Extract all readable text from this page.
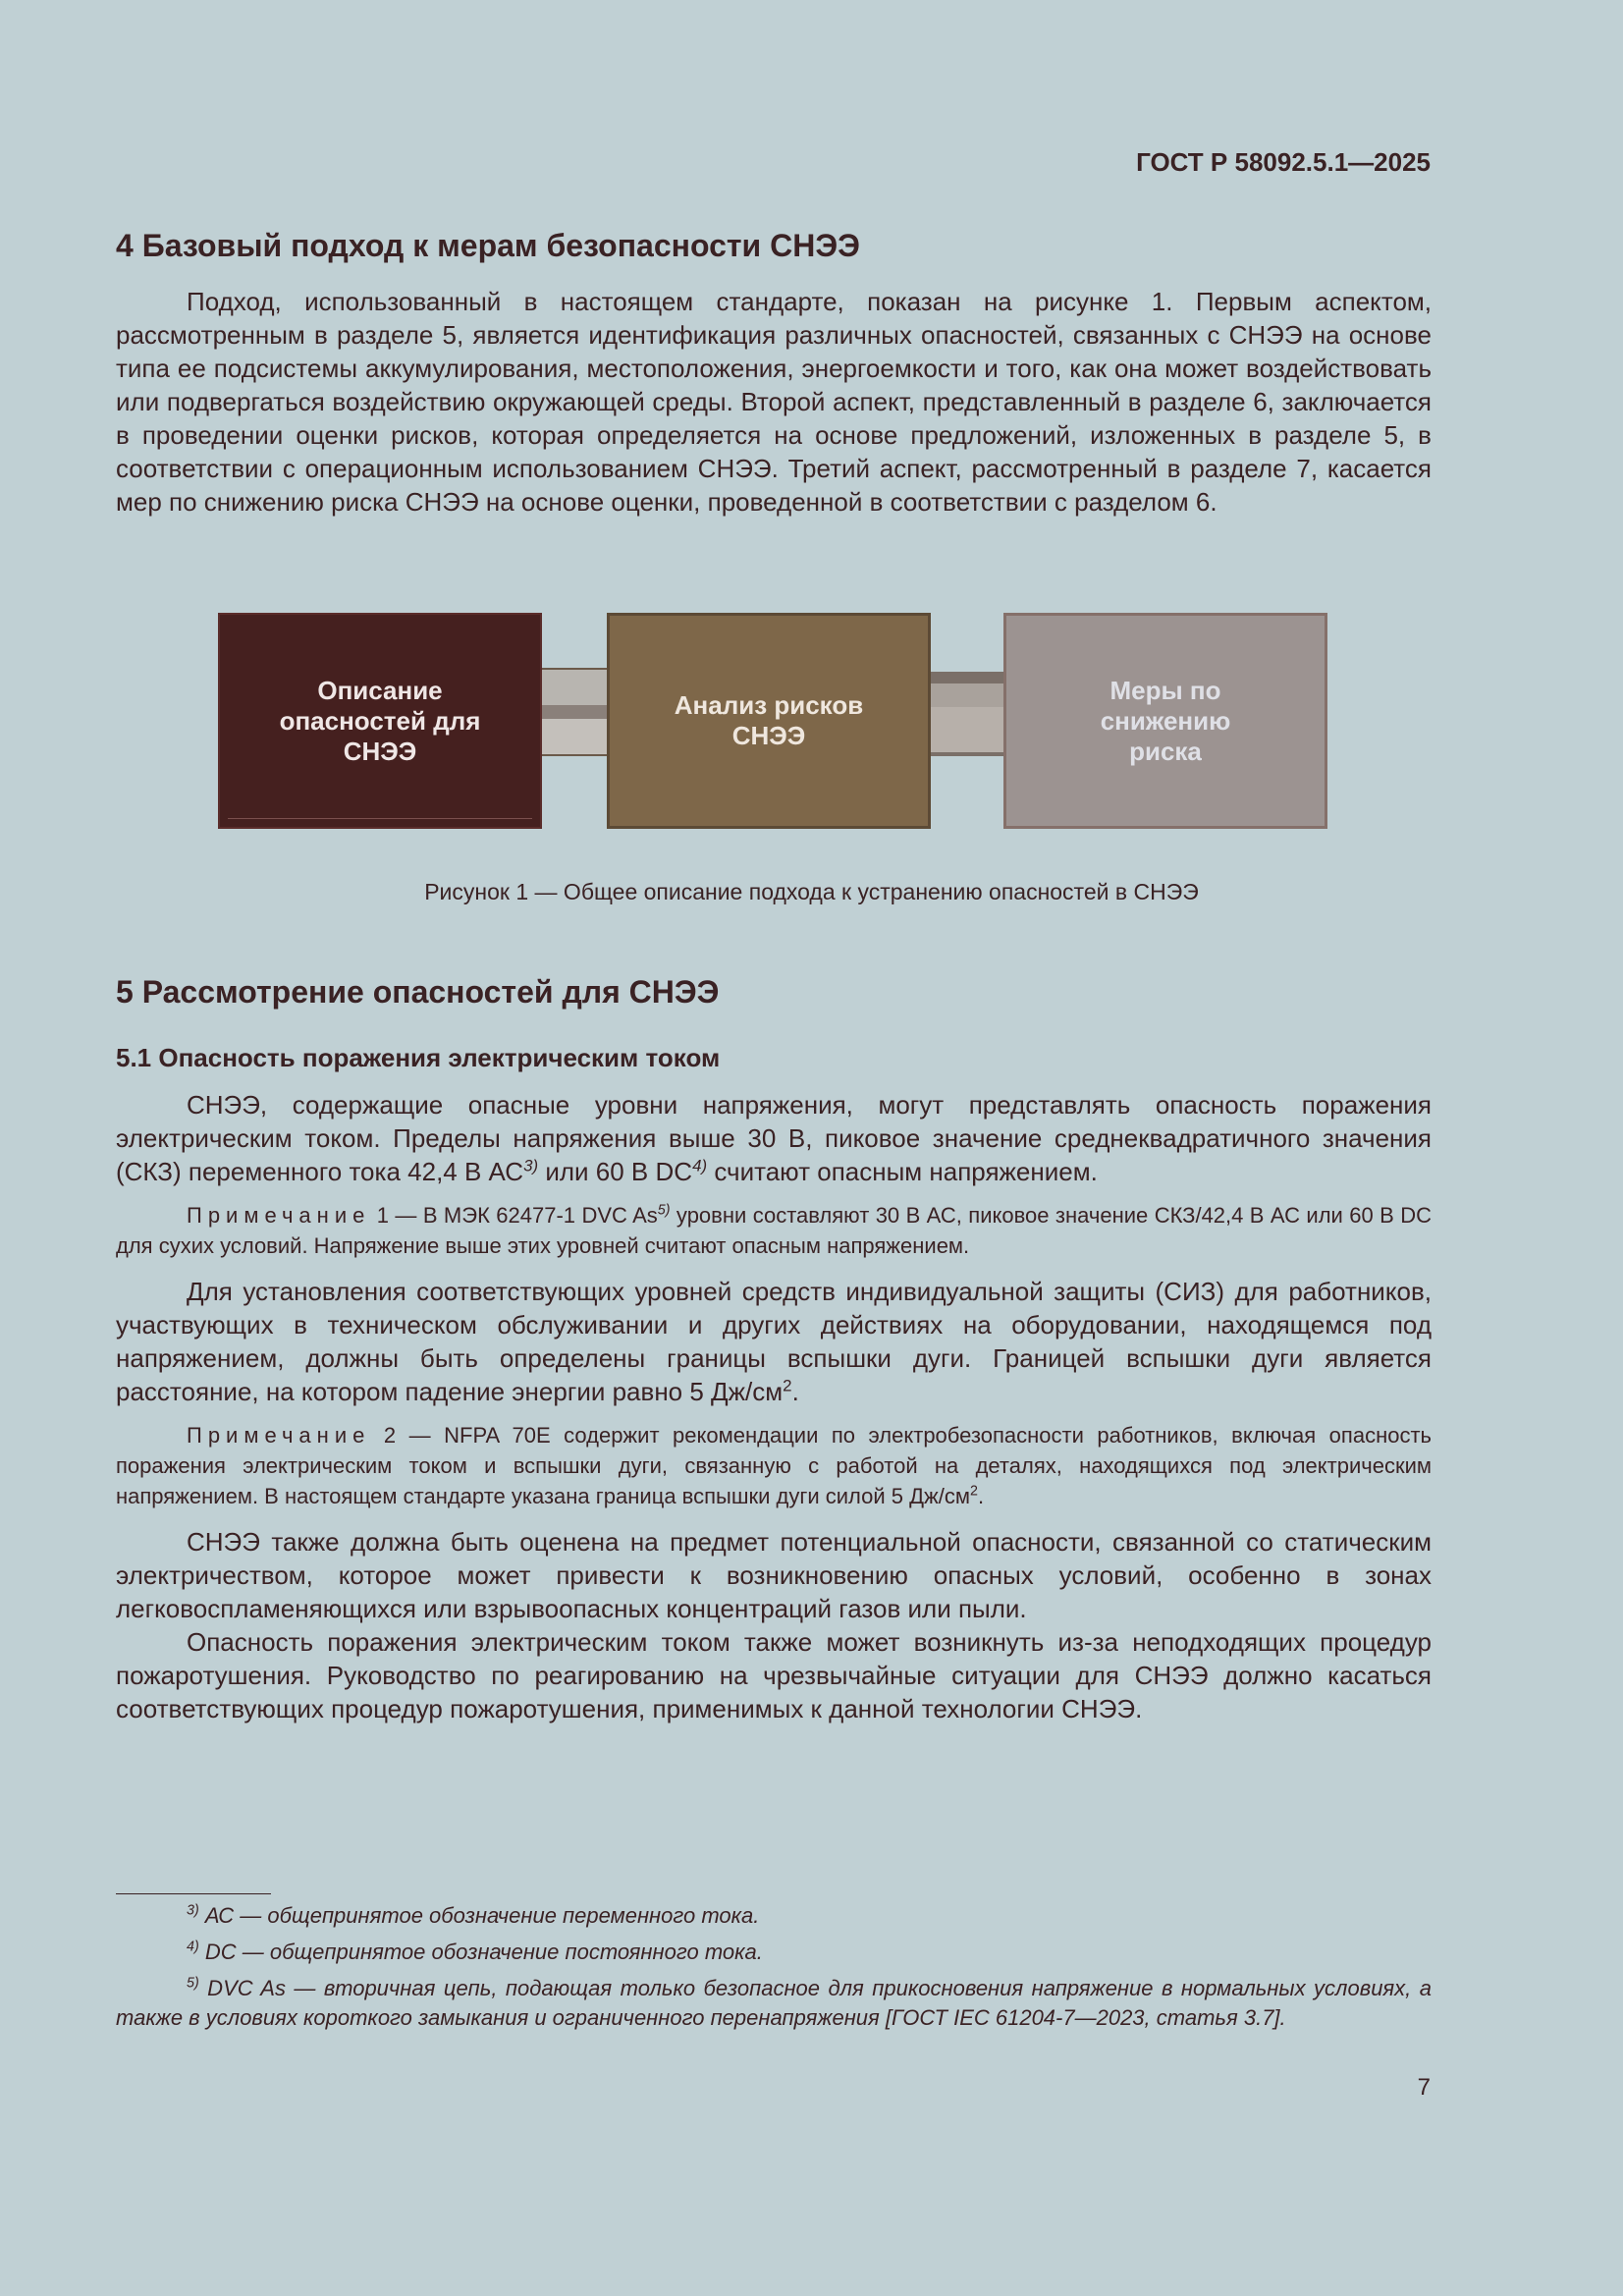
ГОСТ Р 58092.5.1—2025
4 Базовый подход к мерам безопасности СНЭЭ

Подход, использованный в настоящем стандарте, показан на рисунке 1. Первым аспектом, рассмотренным в разделе 5, является идентификация различных опасностей, связанных с СНЭЭ на основе типа ее подсистемы аккумулирования, местоположения, энергоемкости и того, как она может воздействовать или подвергаться воздействию окружающей среды. Второй аспект, представленный в разделе 6, заключается в проведении оценки рисков, которая определяется на основе предложений, изложенных в разделе 5, в соответствии с операционным использованием СНЭЭ. Третий аспект, рассмотренный в разделе 7, касается мер по снижению риска СНЭЭ на основе оценки, проведенной в соответствии с разделом 6.

Описание
опасностей для
СНЭЭ
Анализ рисков
СНЭЭ
Меры по
снижению
риска
Рисунок 1 — Общее описание подхода к устранению опасностей в СНЭЭ
5 Рассмотрение опасностей для СНЭЭ
5.1 Опасность поражения электрическим током

СНЭЭ, содержащие опасные уровни напряжения, могут представлять опасность поражения электрическим током. Пределы напряжения выше 30 В, пиковое значение среднеквадратичного значения (СКЗ) переменного тока 42,4 В АС$^{3)}$ или 60 В DC$^{4)}$ считают опасным напряжением.

Примечание 1 — В МЭК 62477-1 DVC As$^{5)}$ уровни составляют 30 В АС, пиковое значение СКЗ/42,4 В АС или 60 В DC для сухих условий. Напряжение выше этих уровней считают опасным напряжением.

Для установления соответствующих уровней средств индивидуальной защиты (СИЗ) для работников, участвующих в техническом обслуживании и других действиях на оборудовании, находящемся под напряжением, должны быть определены границы вспышки дуги. Границей вспышки дуги является расстояние, на котором падение энергии равно 5 $Дж/см^2$.

Примечание 2 — NFPA 70E содержит рекомендации по электробезопасности работников, включая опасность поражения электрическим током и вспышки дуги, связанную с работой на деталях, находящихся под электрическим напряжением. В настоящем стандарте указана граница вспышки дуги силой 5 $Дж/см^2$.

СНЭЭ также должна быть оценена на предмет потенциальной опасности, связанной со статическим электричеством, которое может привести к возникновению опасных условий, особенно в зонах легковоспламеняющихся или взрывоопасных концентраций газов или пыли.

Опасность поражения электрическим током также может возникнуть из-за неподходящих процедур пожаротушения. Руководство по реагированию на чрезвычайные ситуации для СНЭЭ должно касаться соответствующих процедур пожаротушения, применимых к данной технологии СНЭЭ.

$^{3)}$ АС — общепринятое обозначение переменного тока.

$^{4)}$ DC — общепринятое обозначение постоянного тока.

$^{5)}$ DVC As — вторичная цепь, подающая только безопасное для прикосновения напряжение в нормальных условиях, а также в условиях короткого замыкания и ограниченного перенапряжения [ГОСТ IEC 61204-7—2023, статья 3.7].

7
